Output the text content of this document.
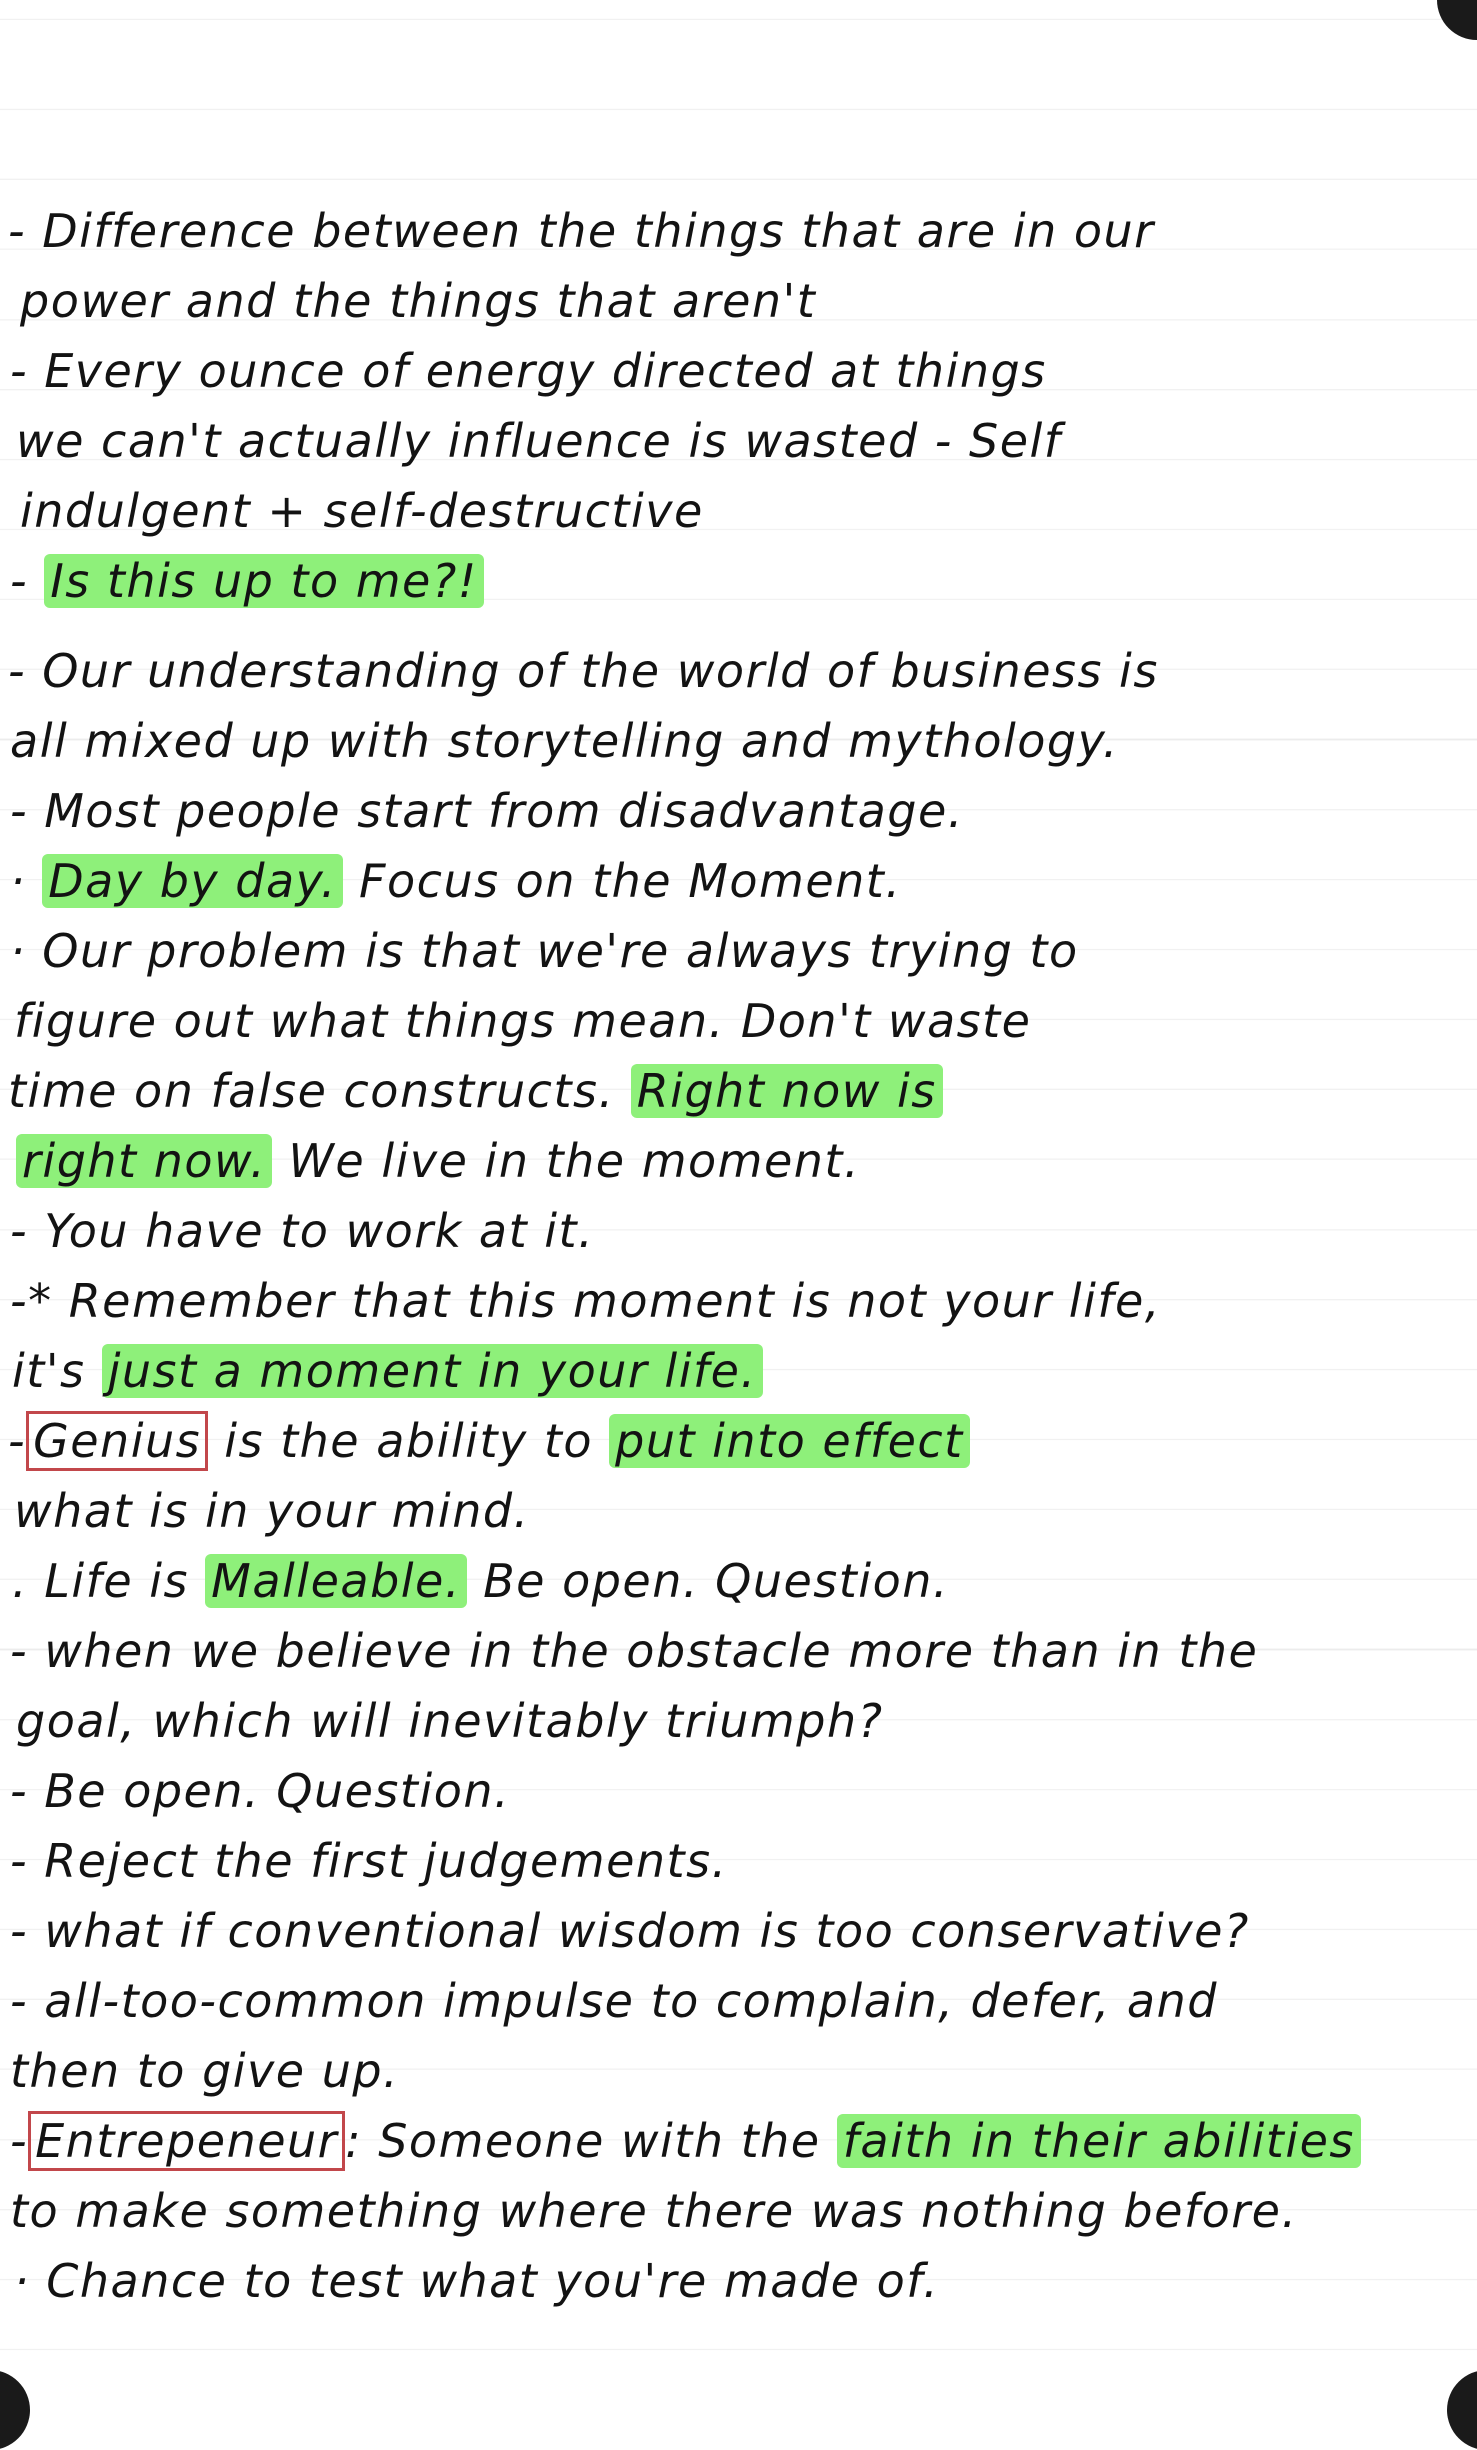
- Difference between the things that are in our
power and the things that aren't
- Every ounce of energy directed at things
we can't actually influence is wasted - Self
indulgent + self-destructive
- Is this up to me?!
- Our understanding of the world of business is
all mixed up with storytelling and mythology.
- Most people start from disadvantage.
· Day by day. Focus on the Moment.
· Our problem is that we're always trying to
figure out what things mean. Don't waste
time on false constructs. Right now is
right now. We live in the moment.
- You have to work at it.
-* Remember that this moment is not your life,
it's just a moment in your life.
- Genius is the ability to put into effect
what is in your mind.
. Life is Malleable. Be open. Question.
- when we believe in the obstacle more than in the
goal, which will inevitably triumph?
- Be open. Question.
- Reject the first judgements.
- what if conventional wisdom is too conservative?
- all-too-common impulse to complain, defer, and
then to give up.
- Entrepeneur : Someone with the faith in their abilities
to make something where there was nothing before.
· Chance to test what you're made of.
